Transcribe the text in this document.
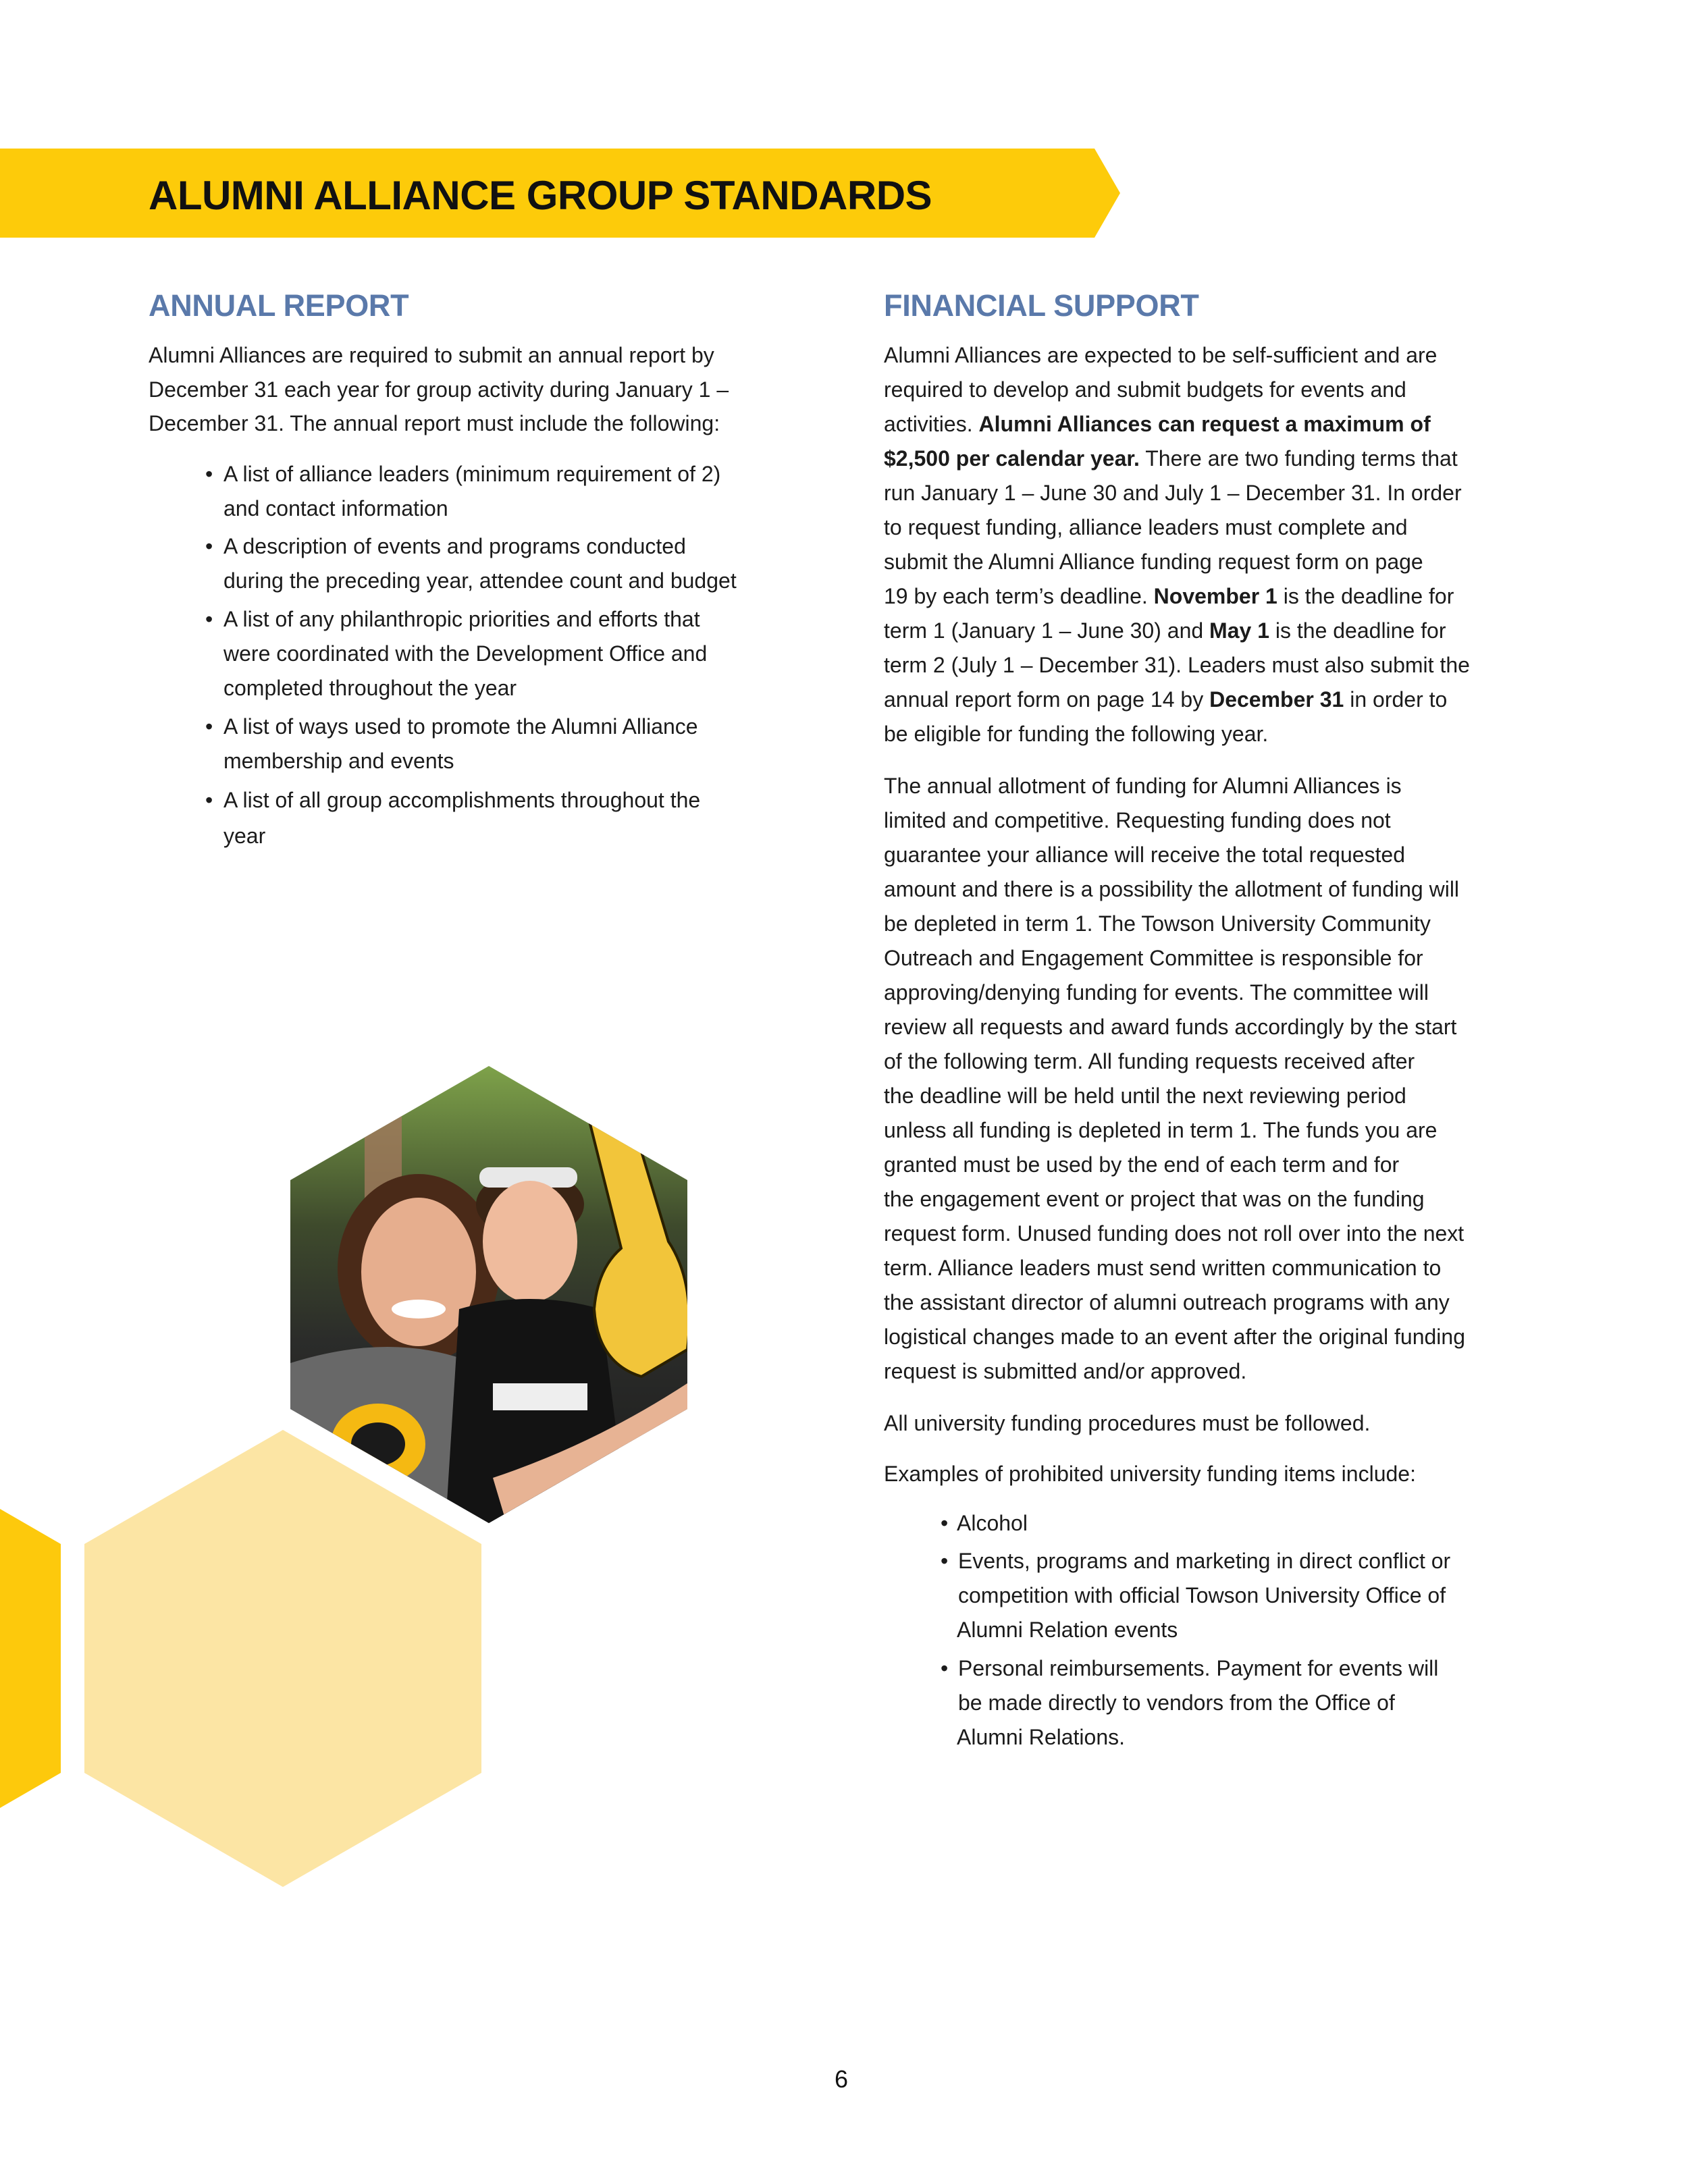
ALUMNI ALLIANCE GROUP STANDARDS
ANNUAL REPORT
Alumni Alliances are required to submit an annual report by
December 31 each year for group activity during January 1 –
December 31. The annual report must include the following:
• A list of alliance leaders (minimum requirement of 2)
and contact information
• A description of events and programs conducted
during the preceding year, attendee count and budget
• A list of any philanthropic priorities and efforts that
were coordinated with the Development Office and
completed throughout the year
• A list of ways used to promote the Alumni Alliance
membership and events
• A list of all group accomplishments throughout the
year
FINANCIAL SUPPORT
Alumni Alliances are expected to be self-sufficient and are
required to develop and submit budgets for events and
activities. Alumni Alliances can request a maximum of
$2,500 per calendar year. There are two funding terms that
run January 1 – June 30 and July 1 – December 31. In order
to request funding, alliance leaders must complete and
submit the Alumni Alliance funding request form on page
19 by each term’s deadline. November 1 is the deadline for
term 1 (January 1 – June 30) and May 1 is the deadline for
term 2 (July 1 – December 31). Leaders must also submit the
annual report form on page 14 by December 31 in order to
be eligible for funding the following year.
The annual allotment of funding for Alumni Alliances is
limited and competitive. Requesting funding does not
guarantee your alliance will receive the total requested
amount and there is a possibility the allotment of funding will
be depleted in term 1. The Towson University Community
Outreach and Engagement Committee is responsible for
approving/denying funding for events. The committee will
review all requests and award funds accordingly by the start
of the following term. All funding requests received after
the deadline will be held until the next reviewing period
unless all funding is depleted in term 1. The funds you are
granted must be used by the end of each term and for
the engagement event or project that was on the funding
request form. Unused funding does not roll over into the next
term. Alliance leaders must send written communication to
the assistant director of alumni outreach programs with any
logistical changes made to an event after the original funding
request is submitted and/or approved.
All university funding procedures must be followed.
Examples of prohibited university funding items include:
• Alcohol
• Events, programs and marketing in direct conflict or
competition with official Towson University Office of
Alumni Relation events
• Personal reimbursements. Payment for events will
be made directly to vendors from the Office of
Alumni Relations.
6
